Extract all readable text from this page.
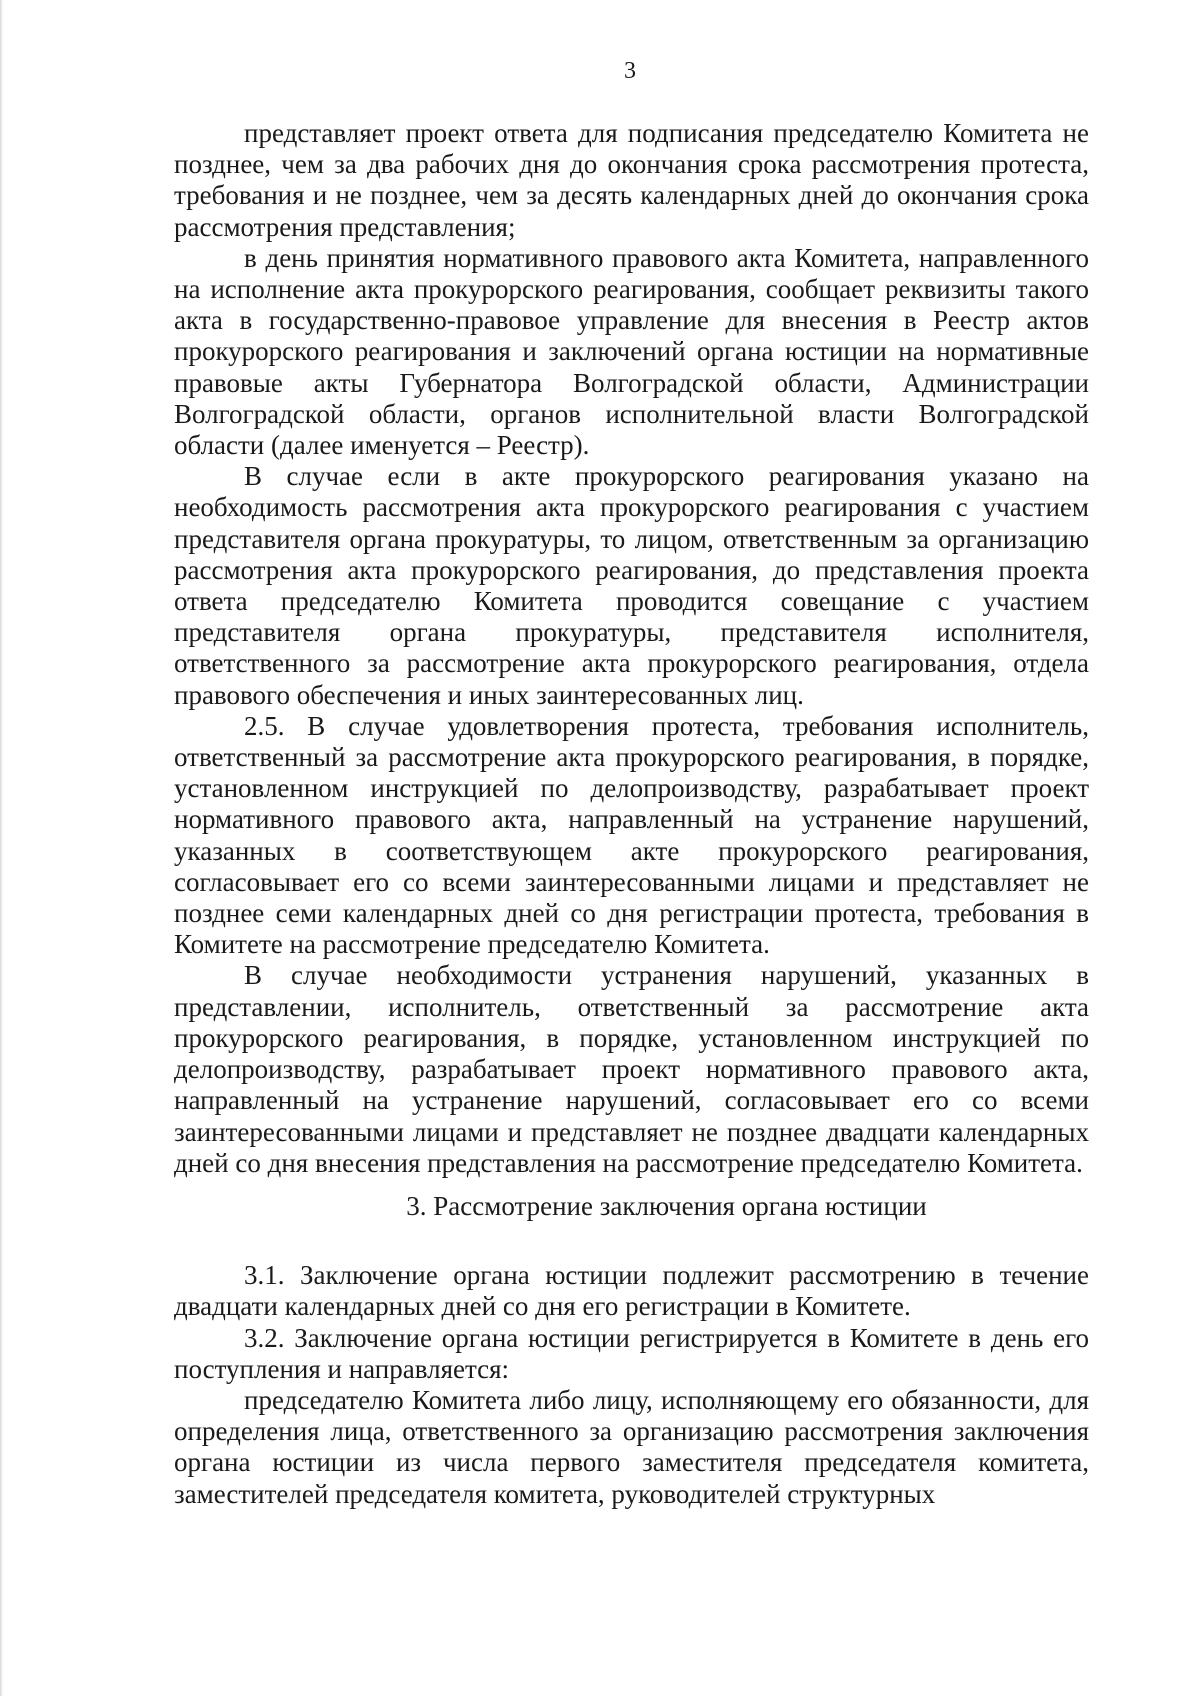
3

представляет проект ответа для подписания председателю Комитета не позднее, чем за два рабочих дня до окончания срока рассмотрения протеста, требования и не позднее, чем за десять календарных дней до окончания срока рассмотрения представления;

в день принятия нормативного правового акта Комитета, направленного на исполнение акта прокурорского реагирования, сообщает реквизиты такого акта в государственно-правовое управление для внесения в Реестр актов прокурорского реагирования и заключений органа юстиции на нормативные правовые акты Губернатора Волгоградской области, Администрации Волгоградской области, органов исполнительной власти Волгоградской области (далее именуется – Реестр).

В случае если в акте прокурорского реагирования указано на необходимость рассмотрения акта прокурорского реагирования с участием представителя органа прокуратуры, то лицом, ответственным за организацию рассмотрения акта прокурорского реагирования, до представления проекта ответа председателю Комитета проводится совещание с участием представителя органа прокуратуры, представителя исполнителя, ответственного за рассмотрение акта прокурорского реагирования, отдела правового обеспечения и иных заинтересованных лиц.

2.5. В случае удовлетворения протеста, требования исполнитель, ответственный за рассмотрение акта прокурорского реагирования, в порядке, установленном инструкцией по делопроизводству, разрабатывает проект нормативного правового акта, направленный на устранение нарушений, указанных в соответствующем акте прокурорского реагирования, согласовывает его со всеми заинтересованными лицами и представляет не позднее семи календарных дней со дня регистрации протеста, требования в Комитете на рассмотрение председателю Комитета.

В случае необходимости устранения нарушений, указанных в представлении, исполнитель, ответственный за рассмотрение акта прокурорского реагирования, в порядке, установленном инструкцией по делопроизводству, разрабатывает проект нормативного правового акта, направленный на устранение нарушений, согласовывает его со всеми заинтересованными лицами и представляет не позднее двадцати календарных дней со дня внесения представления на рассмотрение председателю Комитета.

3. Рассмотрение заключения органа юстиции

3.1. Заключение органа юстиции подлежит рассмотрению в течение двадцати календарных дней со дня его регистрации в Комитете.

3.2. Заключение органа юстиции регистрируется в Комитете в день его поступления и направляется:

председателю Комитета либо лицу, исполняющему его обязанности, для определения лица, ответственного за организацию рассмотрения заключения органа юстиции из числа первого заместителя председателя комитета, заместителей председателя комитета, руководителей структурных
